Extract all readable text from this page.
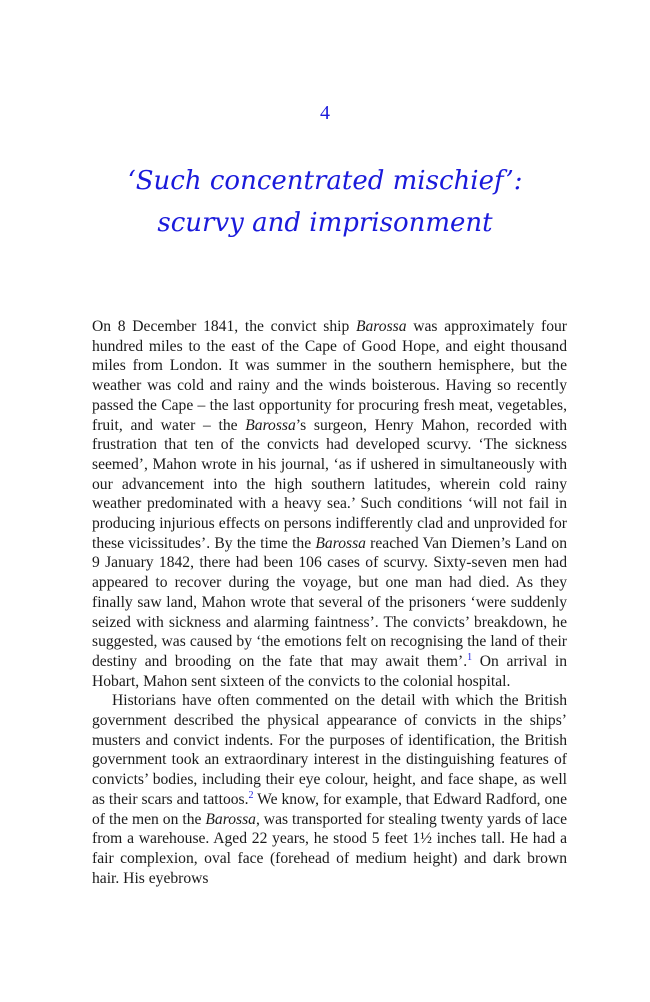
4
‘Such concentrated mischief’:
scurvy and imprisonment

On 8 December 1841, the convict ship Barossa was approximately four hundred miles to the east of the Cape of Good Hope, and eight thousand miles from London. It was summer in the southern hemisphere, but the weather was cold and rainy and the winds boisterous. Having so recently passed the Cape – the last opportunity for procuring fresh meat, vegetables, fruit, and water – the Barossa’s surgeon, Henry Mahon, recorded with frustration that ten of the convicts had developed scurvy. ‘The sickness seemed’, Mahon wrote in his journal, ‘as if ushered in simultaneously with our advancement into the high southern latitudes, wherein cold rainy weather predominated with a heavy sea.’ Such conditions ‘will not fail in producing injurious effects on persons indifferently clad and unprovided for these vicissitudes’. By the time the Barossa reached Van Diemen’s Land on 9 January 1842, there had been 106 cases of scurvy. Sixty-seven men had appeared to recover during the voyage, but one man had died. As they finally saw land, Mahon wrote that several of the prisoners ‘were suddenly seized with sickness and alarming faintness’. The convicts’ breakdown, he suggested, was caused by ‘the emotions felt on recognising the land of their destiny and brooding on the fate that may await them’.$^1$ On arrival in Hobart, Mahon sent sixteen of the convicts to the colonial hospital.

Historians have often commented on the detail with which the British government described the physical appearance of convicts in the ships’ musters and convict indents. For the purposes of identification, the British government took an extraordinary interest in the distinguishing features of convicts’ bodies, including their eye colour, height, and face shape, as well as their scars and tattoos.$^2$ We know, for example, that Edward Radford, one of the men on the Barossa, was transported for stealing twenty yards of lace from a warehouse. Aged 22 years, he stood 5 feet 1½ inches tall. He had a fair complexion, oval face (forehead of medium height) and dark brown hair. His eyebrows
